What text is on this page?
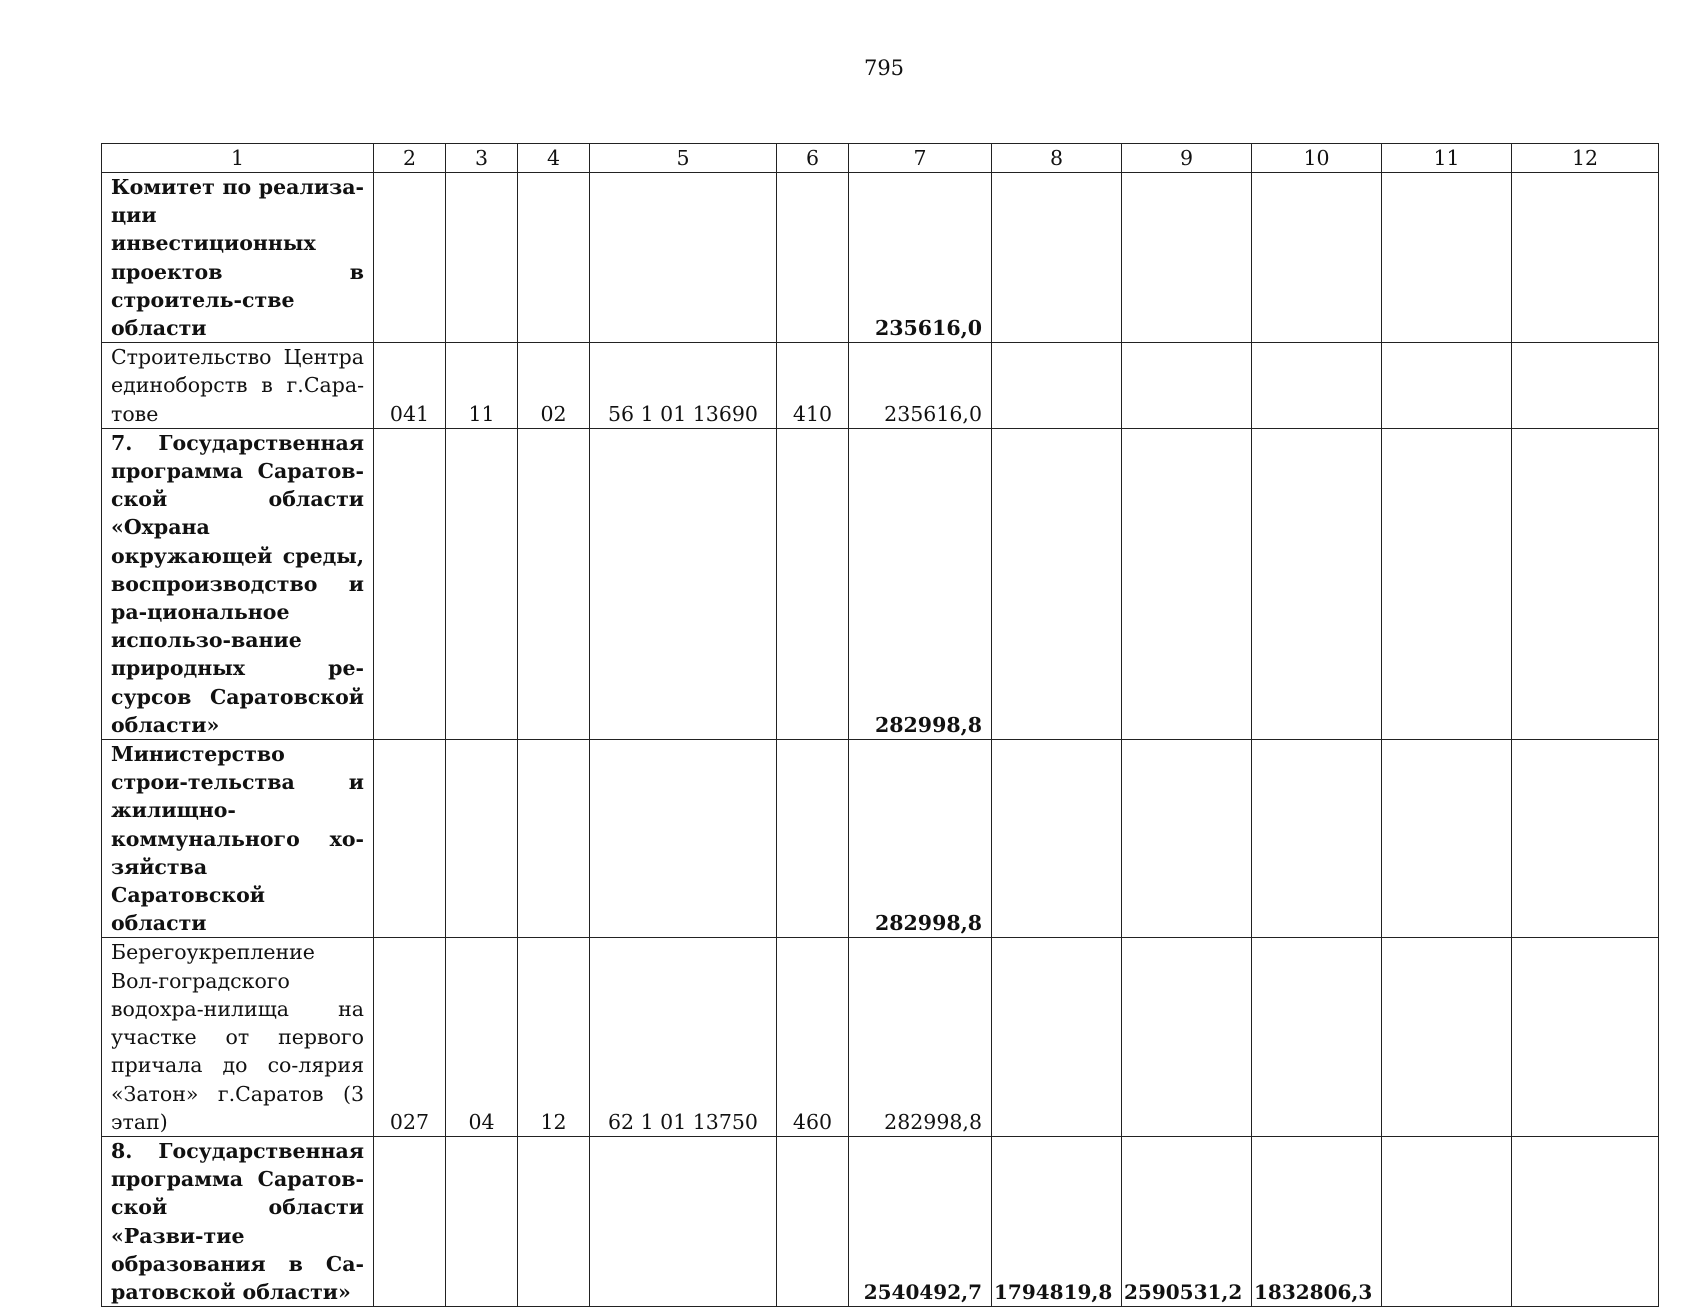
795
1	2	3	4	5	6	7	8	9	10	11	12
Комитет по реализа-ции инвестиционных проектов в строитель-стве области						235616,0					
Строительство Центра единоборств в г.Сара-тове	041	11	02	56 1 01 13690	410	235616,0					
7. Государственная программа Саратов-ской области «Охрана окружающей среды, воспроизводство и ра-циональное использо-вание природных ре-сурсов Саратовской области»						282998,8					
Министерство строи-тельства и жилищно-коммунального хо-зяйства Саратовской области						282998,8					
Берегоукрепление Вол-гоградского водохра-нилища на участке от первого причала до со-лярия «Затон» г.Саратов (3 этап)	027	04	12	62 1 01 13750	460	282998,8					
8. Государственная программа Саратов-ской области «Разви-тие образования в Са-ратовской области»						2540492,7	1794819,8	2590531,2	1832806,3		
